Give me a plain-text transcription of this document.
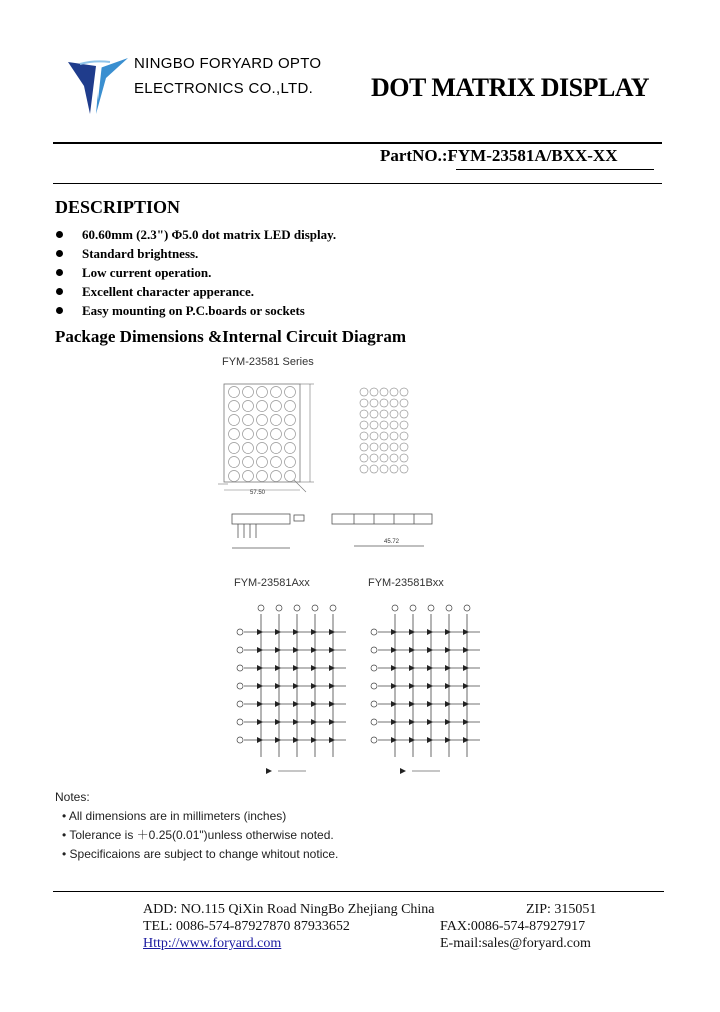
NINGBO FORYARD OPTO
ELECTRONICS CO.,LTD. DOT MATRIX DISPLAY
PartNO.:FYM-23581A/BXX-XX
DESCRIPTION
60.60mm (2.3") Φ5.0 dot matrix LED display.
Standard brightness.
Low current operation.
Excellent character apperance.
Easy mounting on P.C.boards or sockets
Package Dimensions &Internal Circuit Diagram
FYM-23581 Series
57.50
45.72
FYM-23581Axx	FYM-23581Bxx
Notes:
• All dimensions are in millimeters (inches)
• Tolerance is ＋0.25(0.01")unless otherwise noted.
• Specificaions are subject to change whitout notice.
ADD: NO.115 QiXin Road NingBo Zhejiang China	ZIP: 315051
TEL: 0086-574-87927870 87933652	FAX:0086-574-87927917
Http://www.foryard.com	E-mail:sales@foryard.com
